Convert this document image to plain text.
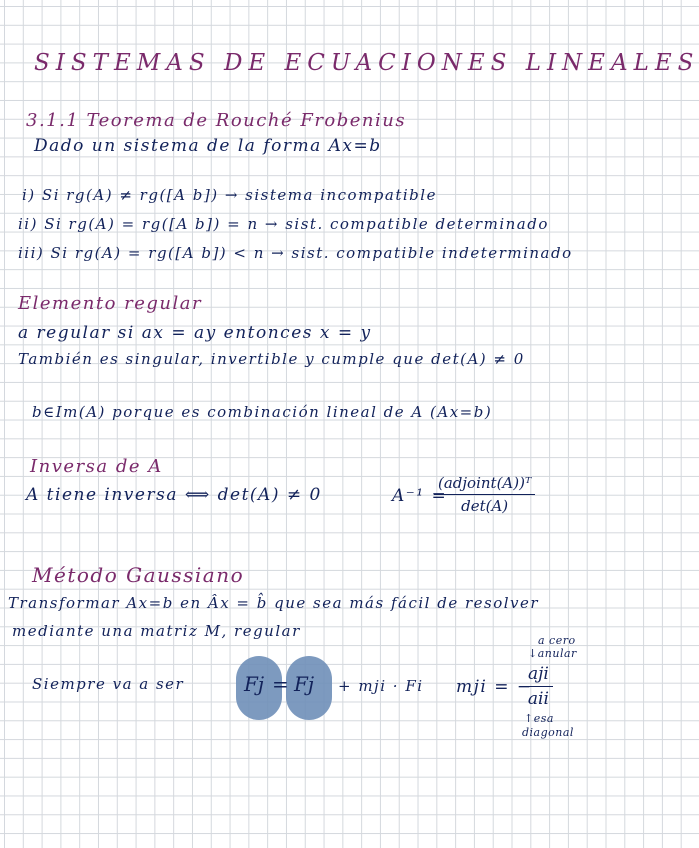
SISTEMAS DE ECUACIONES LINEALES
3.1.1 Teorema de Rouché Frobenius
Dado un sistema de la forma Ax=b
i) Si rg(A) ≠ rg([A b]) → sistema incompatible
ii) Si rg(A) = rg([A b]) = n → sist. compatible determinado
iii) Si rg(A) = rg([A b]) < n → sist. compatible indeterminado
Elemento regular
a regular si ax = ay entonces x = y
También es singular, invertible y cumple que det(A) ≠ 0
b∈Im(A) porque es combinación lineal de A (Ax=b)
Inversa de A
A tiene inversa ⟺ det(A) ≠ 0	A⁻¹ =
(adjoint(A))ᵀ
det(A)
Método Gaussiano
Transformar Ax=b en Âx = b̂ que sea más fácil de resolver
mediante una matriz M, regular
Siempre va a ser	Fj = Fj + mji · Fi mji = −
aji
aii
a cero
↓anular
↑esa
diagonal
